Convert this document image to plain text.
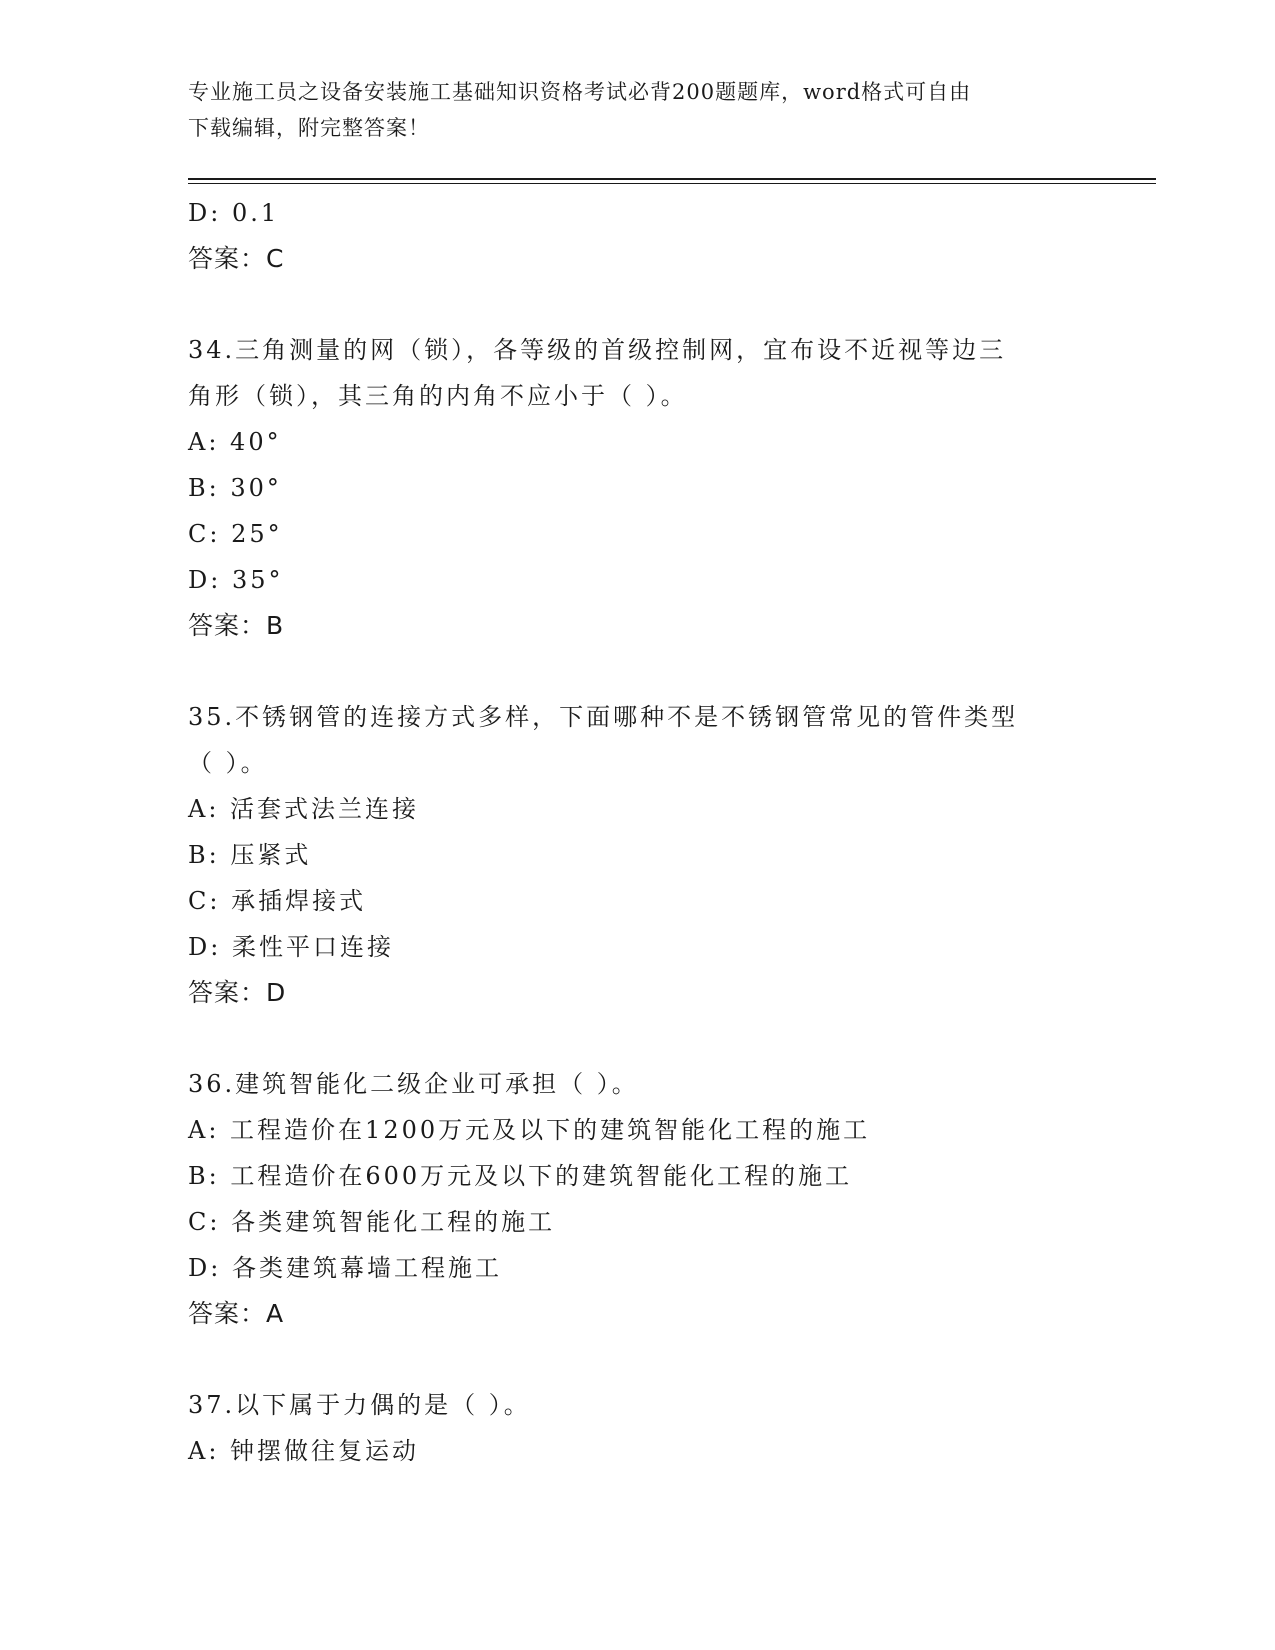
专业施工员之设备安装施工基础知识资格考试必背200题题库，word格式可自由
下载编辑，附完整答案！
D: 0.1
答案：C
34.三角测量的网（锁），各等级的首级控制网，宜布设不近视等边三
角形（锁），其三角的内角不应小于（ ）。
A: 40°
B: 30°
C: 25°
D: 35°
答案：B
35.不锈钢管的连接方式多样，下面哪种不是不锈钢管常见的管件类型
（ ）。
A: 活套式法兰连接
B: 压紧式
C: 承插焊接式
D: 柔性平口连接
答案：D
36.建筑智能化二级企业可承担（ ）。
A: 工程造价在1200万元及以下的建筑智能化工程的施工
B: 工程造价在600万元及以下的建筑智能化工程的施工
C: 各类建筑智能化工程的施工
D: 各类建筑幕墙工程施工
答案：A
37.以下属于力偶的是（ ）。
A: 钟摆做往复运动
